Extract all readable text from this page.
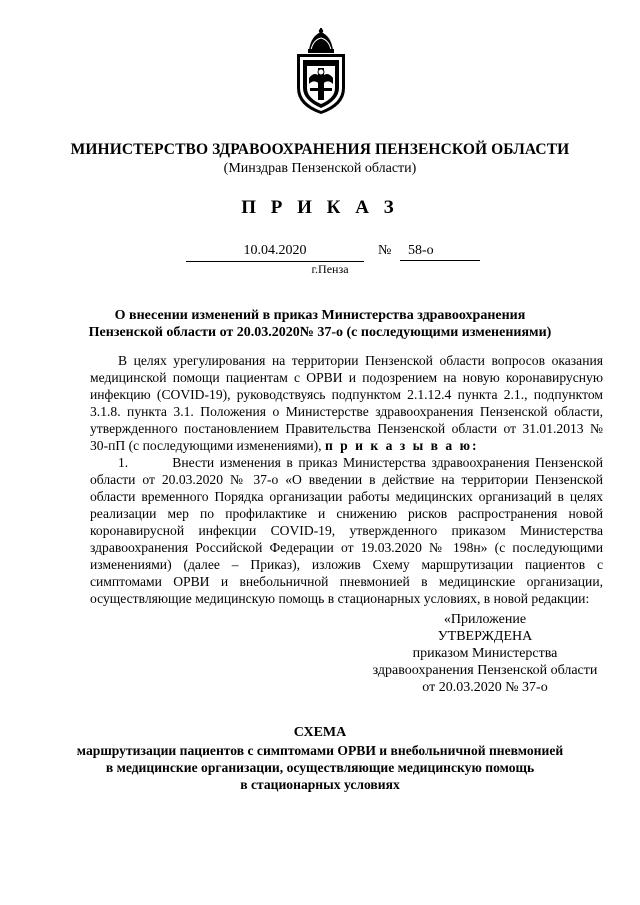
МИНИСТЕРСТВО ЗДРАВООХРАНЕНИЯ ПЕНЗЕНСКОЙ ОБЛАСТИ
(Минздрав Пензенской области)
П Р И К А З
10.04.2020	№	58-о
г.Пенза
О внесении изменений в приказ Министерства здравоохранения Пензенской области от 20.03.2020№ 37-о (с последующими изменениями)
В целях урегулирования на территории Пензенской области вопросов оказания медицинской помощи пациентам с ОРВИ и подозрением на новую коронавирусную инфекцию (COVID-19), руководствуясь подпунктом 2.1.12.4 пункта 2.1., подпунктом 3.1.8. пункта 3.1. Положения о Министерстве здравоохранения Пензенской области, утвержденного постановлением Правительства Пензенской области от 31.01.2013 № 30-пП (с последующими изменениями), п р и к а з ы в а ю:
1.        Внести изменения в приказ Министерства здравоохранения Пензенской области от 20.03.2020 № 37-о «О введении в действие на территории Пензенской области временного Порядка организации работы медицинских организаций в целях реализации мер по профилактике и снижению рисков распространения новой коронавирусной инфекции COVID-19, утвержденного приказом Министерства здравоохранения Российской Федерации от 19.03.2020 № 198н» (с последующими изменениями) (далее – Приказ), изложив Схему маршрутизации пациентов с симптомами ОРВИ и внебольничной пневмонией в медицинские организации, осуществляющие медицинскую помощь в стационарных условиях, в новой редакции:
«Приложение
УТВЕРЖДЕНА
приказом Министерства
здравоохранения Пензенской области
от 20.03.2020 № 37-о
СХЕМА
маршрутизации пациентов с симптомами ОРВИ и внебольничной пневмонией
в медицинские организации, осуществляющие медицинскую помощь
в стационарных условиях
